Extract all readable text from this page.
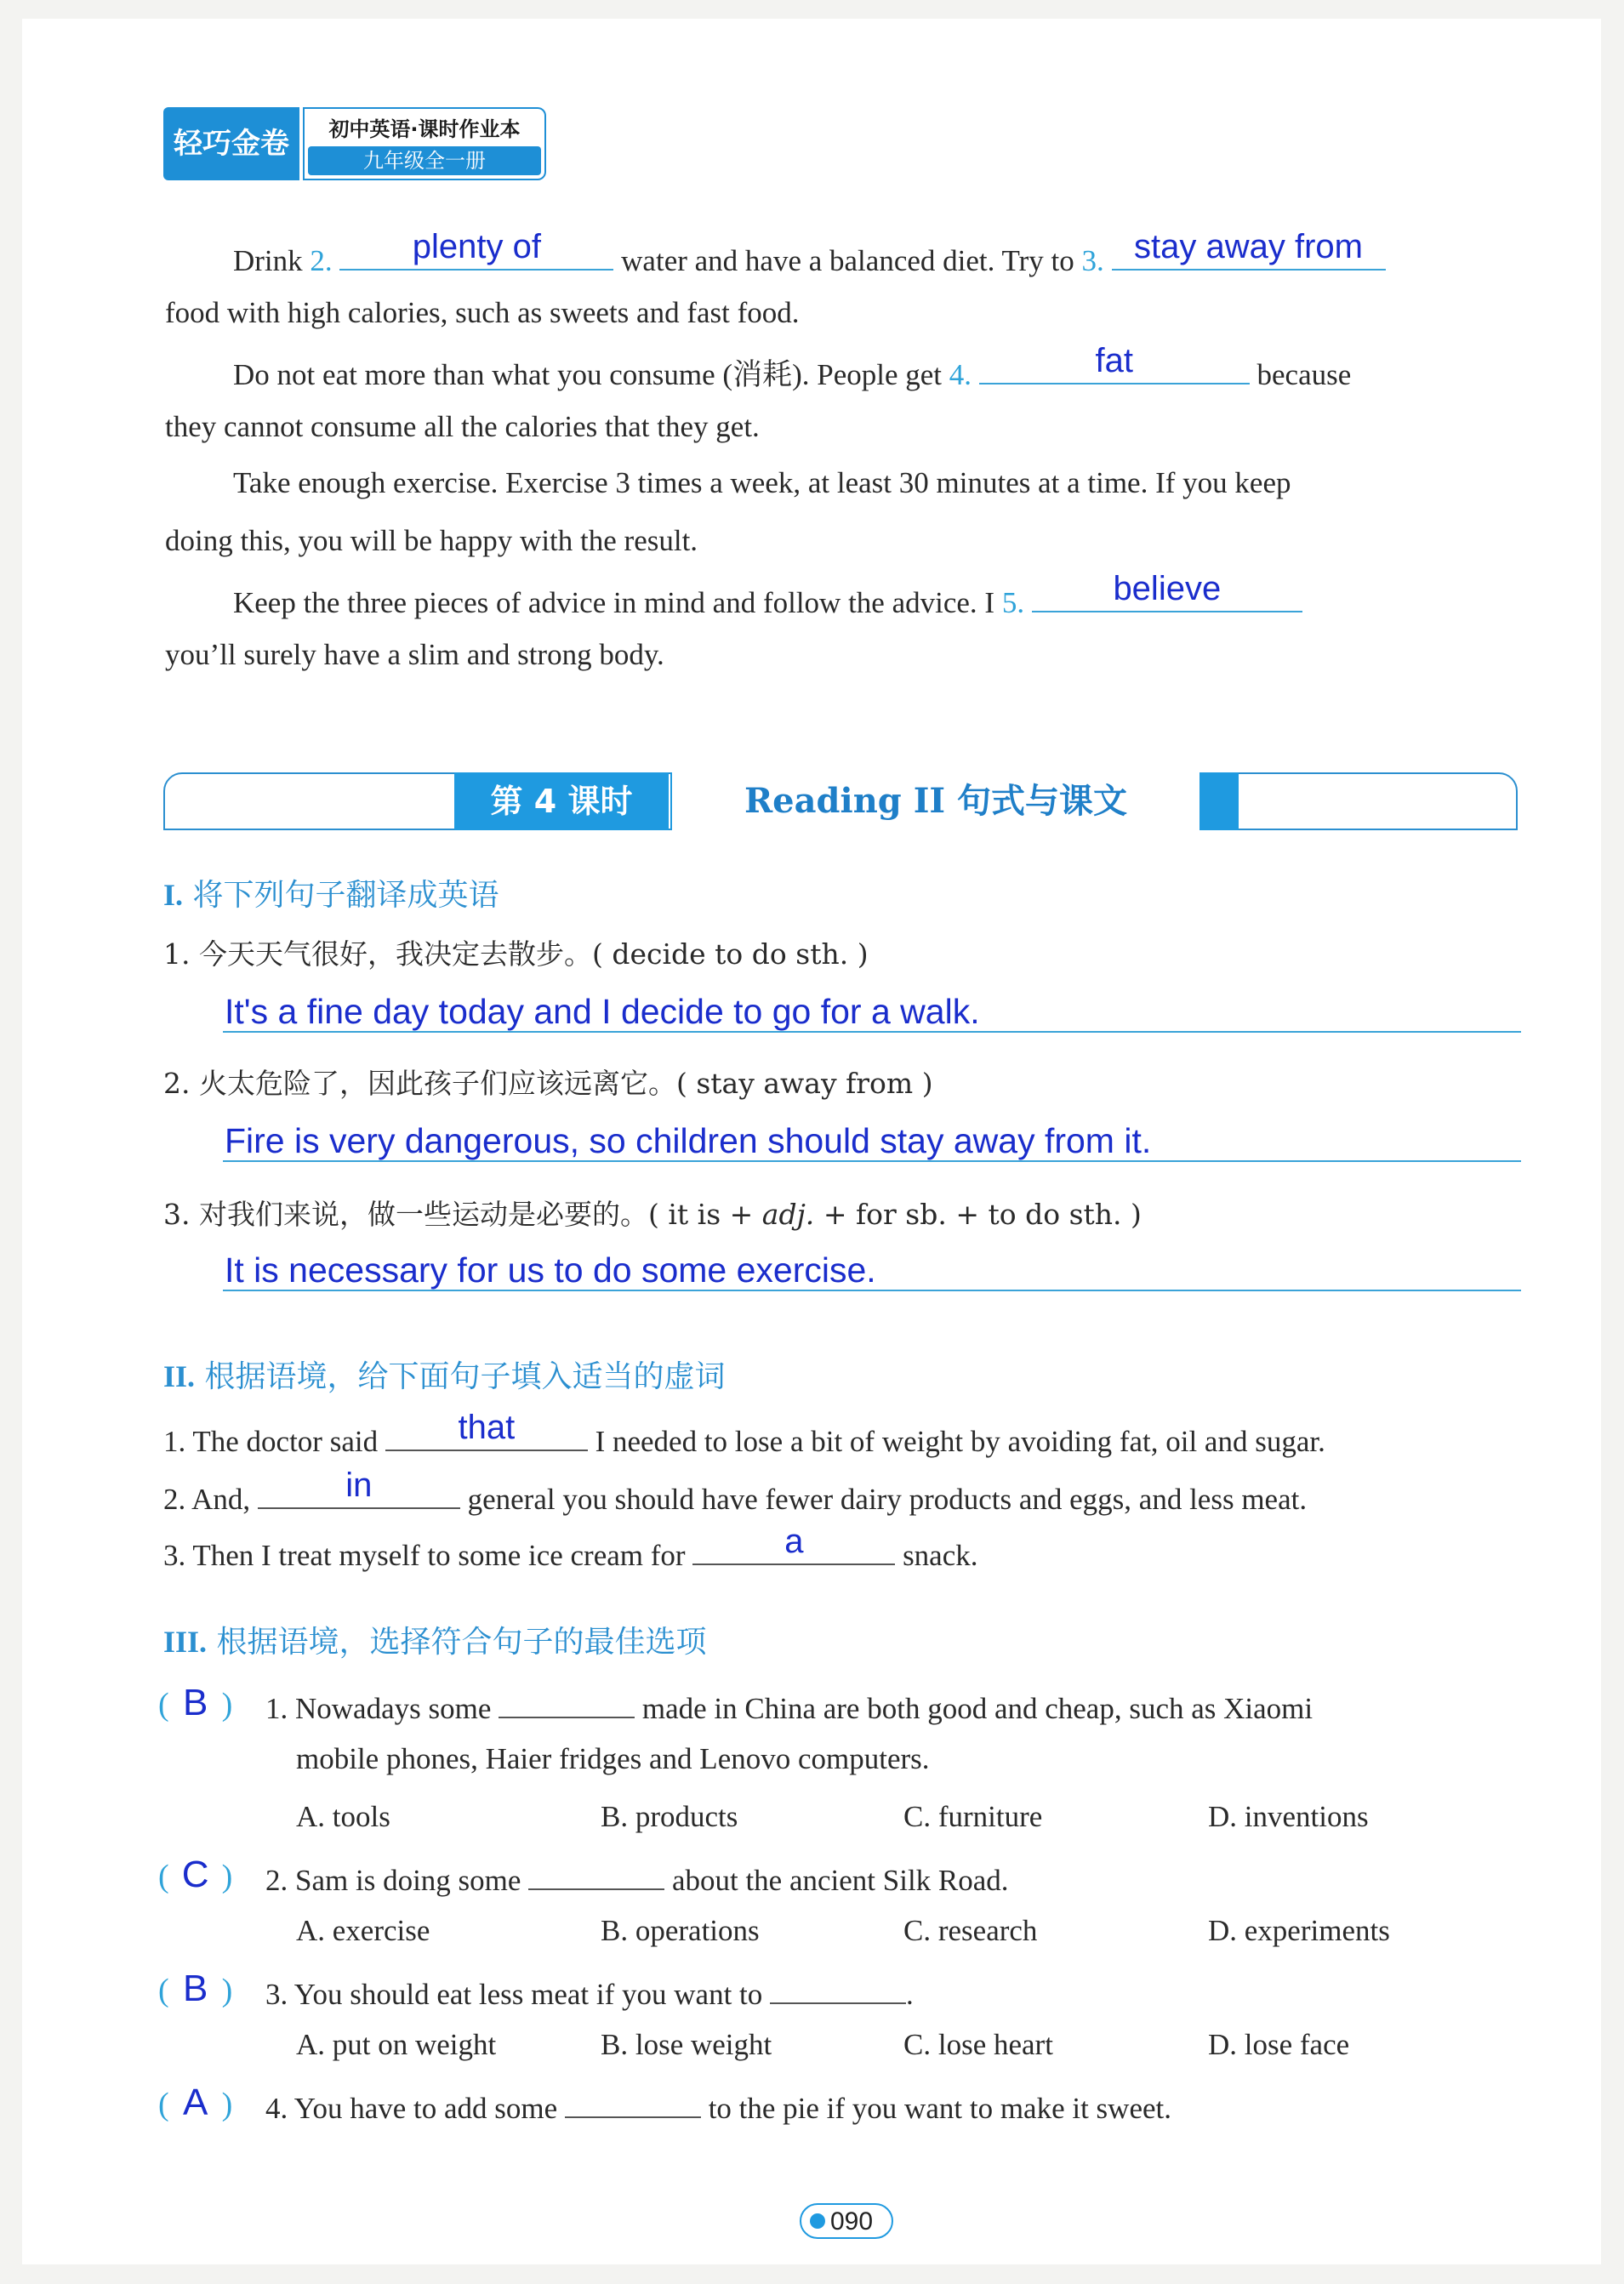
轻巧金卷	初中英语·课时作业本
九年级全一册
Drink 2.	plenty of	water and have a balanced diet. Try to 3. stay away from
food with high calories, such as sweets and fast food.
Do not eat more than what you consume (消耗). People get 4.	fat	because
they cannot consume all the calories that they get.
Take enough exercise. Exercise 3 times a week, at least 30 minutes at a time. If you keep
doing this, you will be happy with the result.
Keep the three pieces of advice in mind and follow the advice. I 5.	believe
you’ll surely have a slim and strong body.
第 4 课时	Reading II 句式与课文
I. 将下列句子翻译成英语
1. 今天天气很好，我决定去散步。( decide to do sth. )
It's a fine day today and I decide to go for a walk.
2. 火太危险了，因此孩子们应该远离它。( stay away from )
Fire is very dangerous, so children should stay away from it.
3. 对我们来说，做一些运动是必要的。( it is + adj. + for sb. + to do sth. )
It is necessary for us to do some exercise.
II. 根据语境，给下面句子填入适当的虚词
1. The doctor said	that	I needed to lose a bit of weight by avoiding fat, oil and sugar.
2. And,	in	general you should have fewer dairy products and eggs, and less meat.
3. Then I treat myself to some ice cream for	a	snack.
III. 根据语境，选择符合句子的最佳选项
( B ) 1. Nowadays some	made in China are both good and cheap, such as Xiaomi
mobile phones, Haier fridges and Lenovo computers.
A. tools	B. products	C. furniture	D. inventions
( C ) 2. Sam is doing some	about the ancient Silk Road.
A. exercise	B. operations	C. research	D. experiments
( B ) 3. You should eat less meat if you want to	.
A. put on weight	B. lose weight	C. lose heart	D. lose face
( A ) 4. You have to add some	to the pie if you want to make it sweet.
090
